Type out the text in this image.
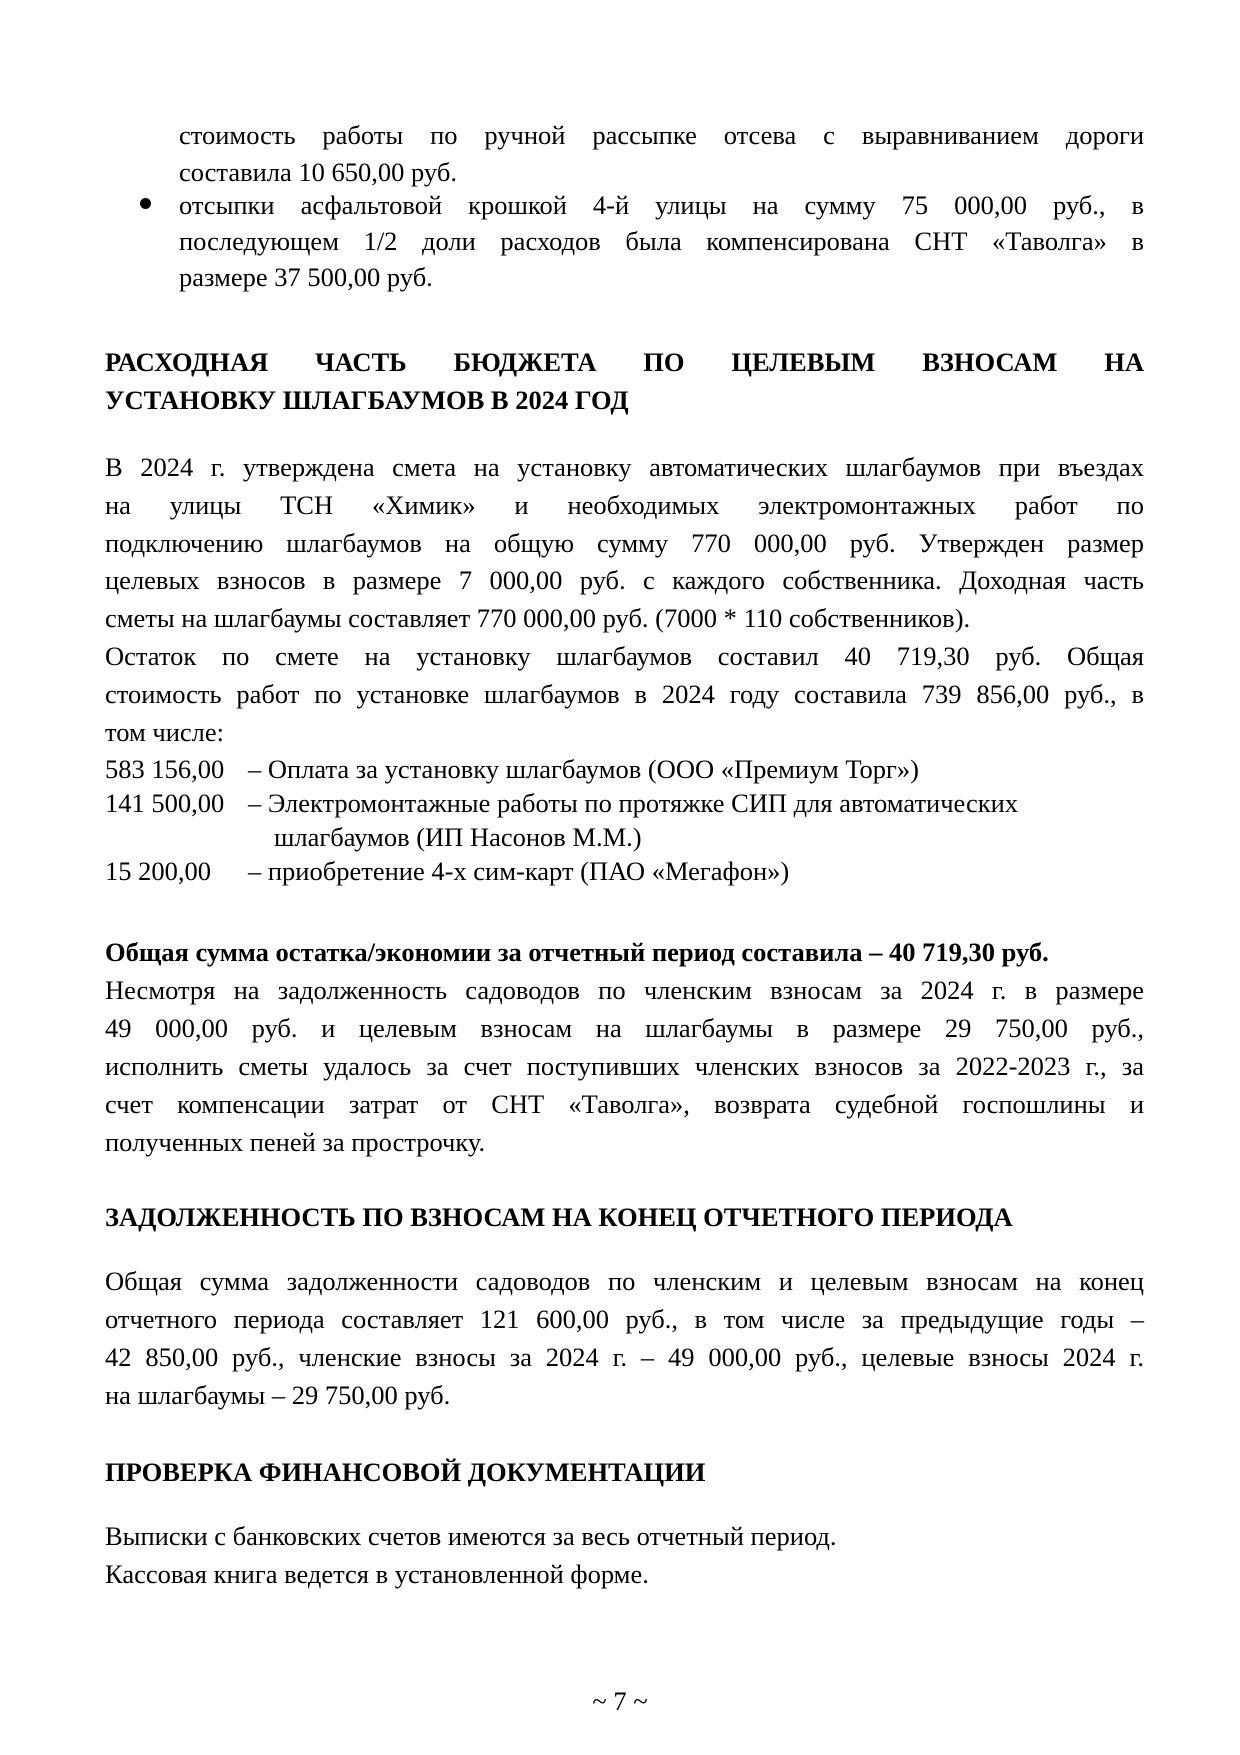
стоимость работы по ручной рассыпке отсева с выравниванием дороги
составила 10 650,00 руб.
отсыпки асфальтовой крошкой 4-й улицы на сумму 75 000,00 руб., в
последующем 1/2 доли расходов была компенсирована СНТ «Таволга» в
размере 37 500,00 руб.
РАСХОДНАЯ ЧАСТЬ БЮДЖЕТА ПО ЦЕЛЕВЫМ ВЗНОСАМ НА
УСТАНОВКУ ШЛАГБАУМОВ В 2024 ГОД
В 2024 г. утверждена смета на установку автоматических шлагбаумов при въездах
на улицы ТСН «Химик» и необходимых электромонтажных работ по
подключению шлагбаумов на общую сумму 770 000,00 руб. Утвержден размер
целевых взносов в размере 7 000,00 руб. с каждого собственника. Доходная часть
сметы на шлагбаумы составляет 770 000,00 руб. (7000 * 110 собственников).
Остаток по смете на установку шлагбаумов составил 40 719,30 руб. Общая
стоимость работ по установке шлагбаумов в 2024 году составила 739 856,00 руб., в
том числе:
583 156,00 – Оплата за установку шлагбаумов (ООО «Премиум Торг»)
141 500,00 – Электромонтажные работы по протяжке СИП для автоматических
шлагбаумов (ИП Насонов М.М.)
15 200,00 – приобретение 4-х сим-карт (ПАО «Мегафон»)
Общая сумма остатка/экономии за отчетный период составила – 40 719,30 руб.
Несмотря на задолженность садоводов по членским взносам за 2024 г. в размере
49 000,00 руб. и целевым взносам на шлагбаумы в размере 29 750,00 руб.,
исполнить сметы удалось за счет поступивших членских взносов за 2022-2023 г., за
счет компенсации затрат от СНТ «Таволга», возврата судебной госпошлины и
полученных пеней за прострочку.
ЗАДОЛЖЕННОСТЬ ПО ВЗНОСАМ НА КОНЕЦ ОТЧЕТНОГО ПЕРИОДА
Общая сумма задолженности садоводов по членским и целевым взносам на конец
отчетного периода составляет 121 600,00 руб., в том числе за предыдущие годы –
42 850,00 руб., членские взносы за 2024 г. – 49 000,00 руб., целевые взносы 2024 г.
на шлагбаумы – 29 750,00 руб.
ПРОВЕРКА ФИНАНСОВОЙ ДОКУМЕНТАЦИИ
Выписки с банковских счетов имеются за весь отчетный период.
Кассовая книга ведется в установленной форме.
~ 7 ~
